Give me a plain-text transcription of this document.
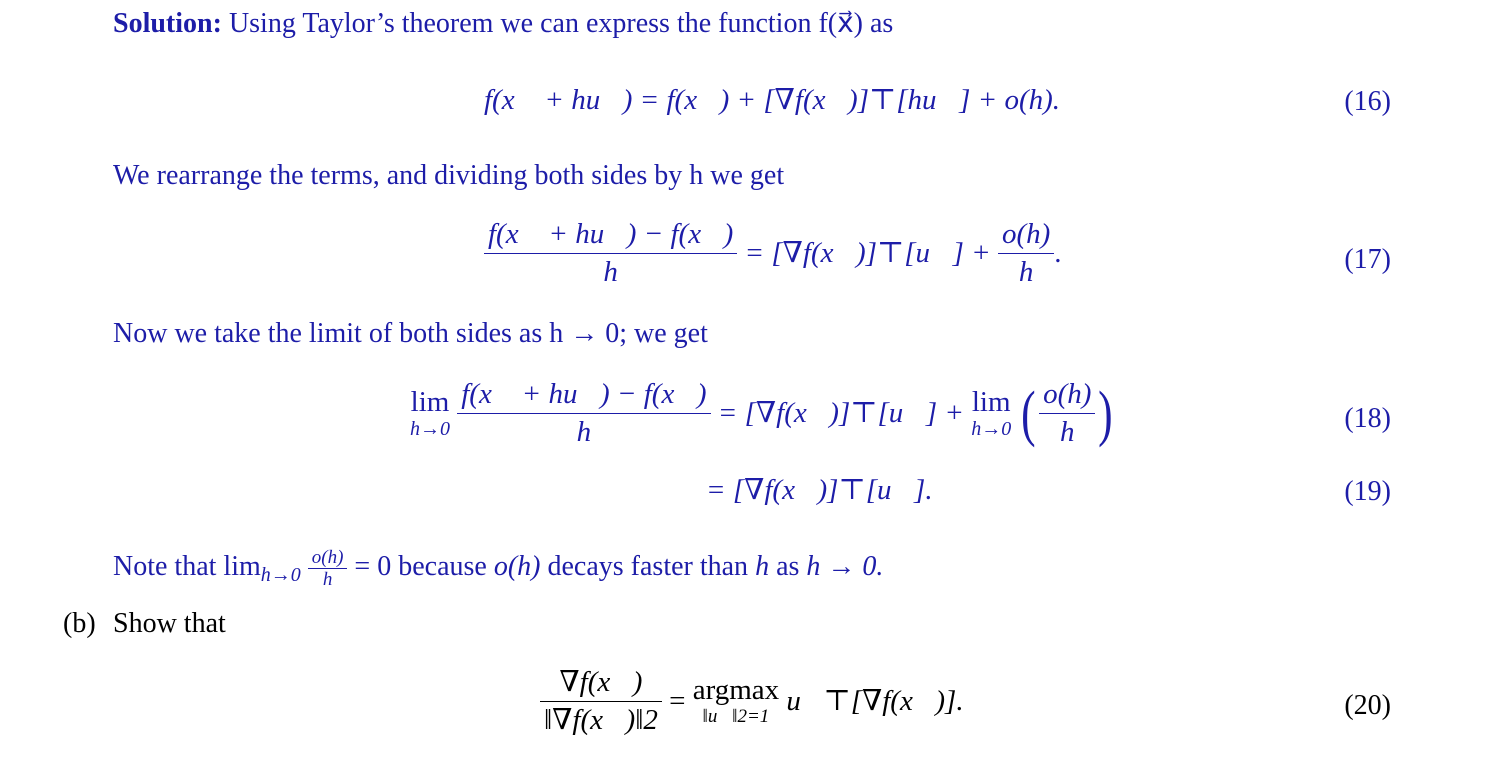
Solution: Using Taylor’s theorem we can express the function f(x⃗) as
f(x⃗ + hu⃗) = f(x⃗) + [∇f(x⃗)]⊤[hu⃗] + o(h).	(16)
We rearrange the terms, and dividing both sides by h we get
$\frac{f(x⃗ + hu⃗) - f(x⃗)}{h}$ = [∇f(x⃗)]⊤[u⃗] + $\frac{o(h)}{h}$ .	(17)
Now we take the limit of both sides as h → 0; we get
lim
h→0
$\frac{f(x⃗ + hu⃗) - f(x⃗)}{h}$ = [∇f(x⃗)]⊤[u⃗] + lim
h→0 ( $\frac{o(h)}{h}$ )	(18)
= [∇f(x⃗)]⊤[u⃗].	(19)
Note that $\lim_{h\to 0} \frac{o(h)}{h} = 0$ because o(h) decays faster than h as h → 0.
(b) Show that
$\frac{\nabla f(x⃗)}{‖\nabla f(x⃗)‖2} = argmax$
‖u⃗‖2=1 u⃗⊤[∇f(x⃗)].	(20)
